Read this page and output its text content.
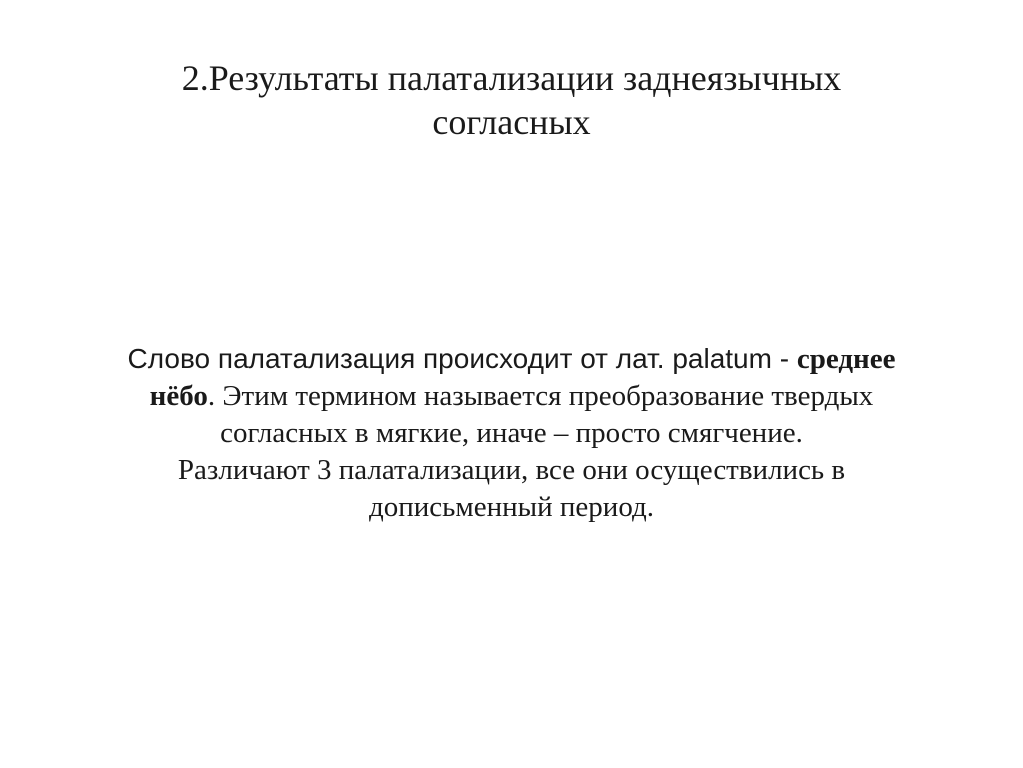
2.Результаты палатализации заднеязычных
согласных
Слово палатализация происходит от лат. palatum - среднее
нёбо. Этим термином называется преобразование твердых
согласных в мягкие, иначе – просто смягчение.
Различают 3 палатализации, все они осуществились в
дописьменный период.
